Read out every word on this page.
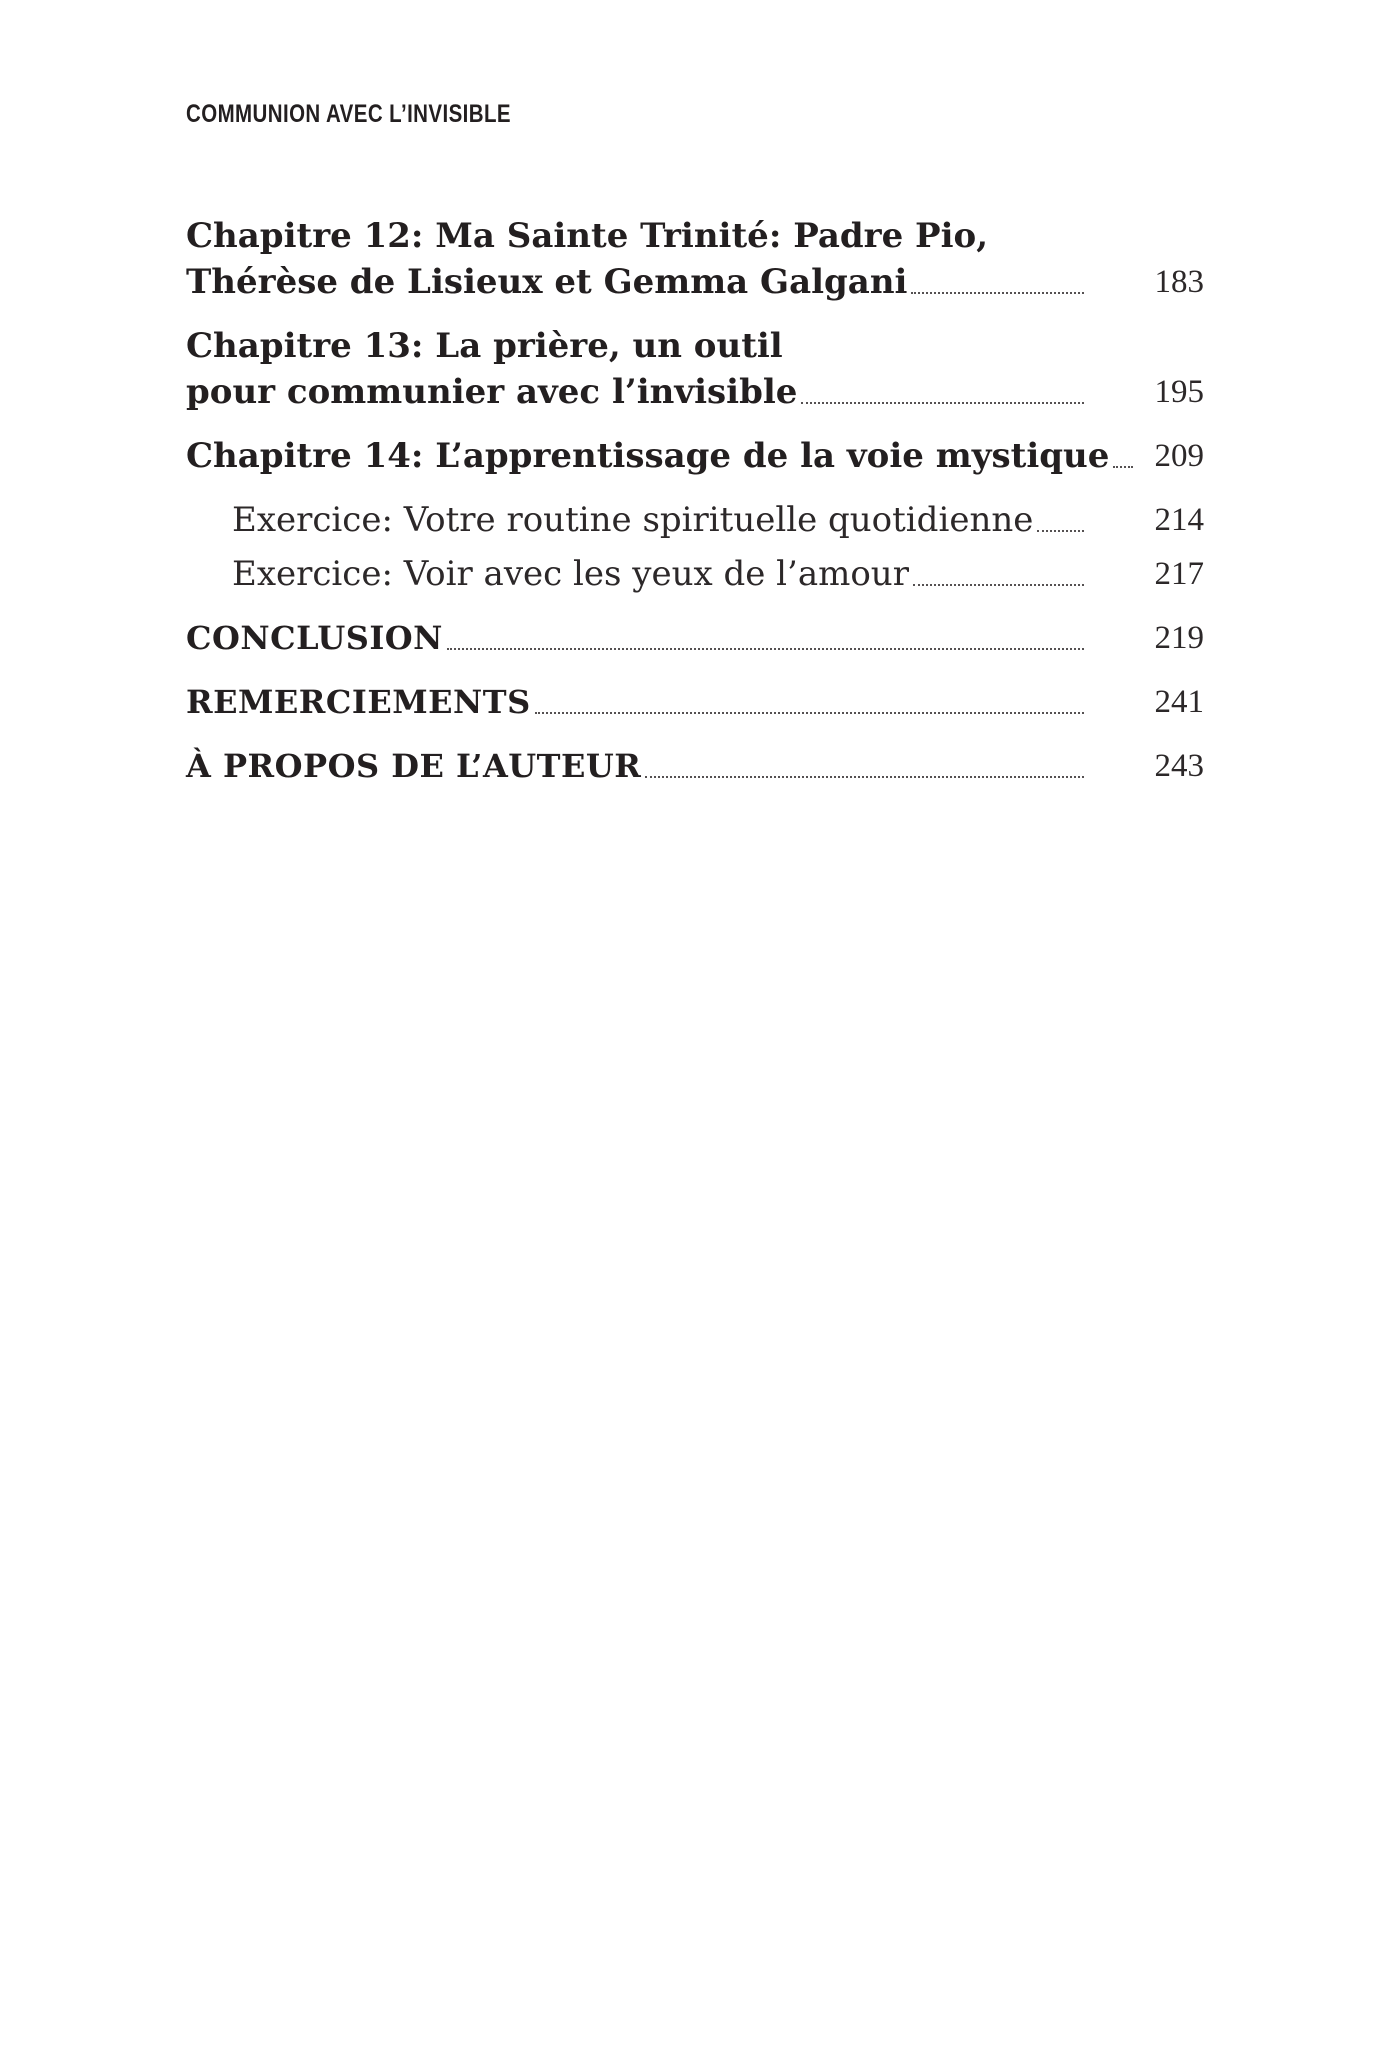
COMMUNION AVEC L’INVISIBLE
Chapitre 12: Ma Sainte Trinité: Padre Pio,
Thérèse de Lisieux et Gemma Galgani	183
Chapitre 13: La prière, un outil
pour communier avec l’invisible	195
Chapitre 14: L’apprentissage de la voie mystique	209
Exercice: Votre routine spirituelle quotidienne	214
Exercice: Voir avec les yeux de l’amour	217
CONCLUSION	219
REMERCIEMENTS	241
À PROPOS DE L’AUTEUR	243
